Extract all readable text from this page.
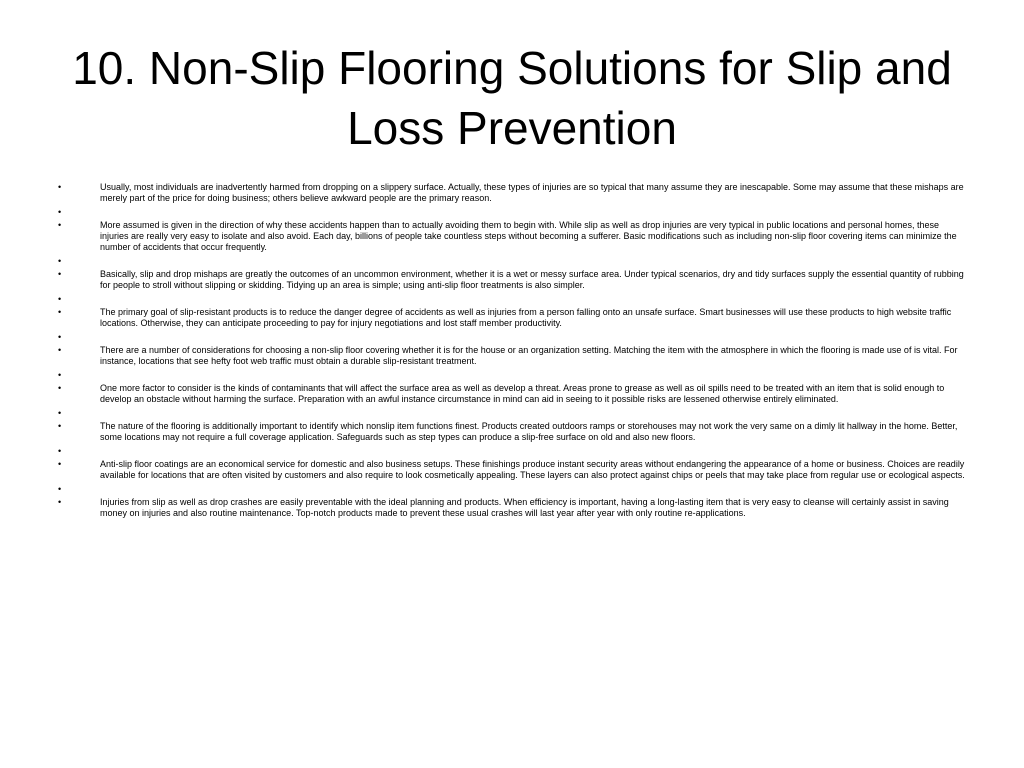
10. Non-Slip Flooring Solutions for Slip and Loss Prevention
•	Usually, most individuals are inadvertently harmed from dropping on a slippery surface. Actually, these types of injuries are so typical that many assume they are inescapable. Some may assume that these mishaps are merely part of the price for doing business; others believe awkward people are the primary reason.
•
•	More assumed is given in the direction of why these accidents happen than to actually avoiding them to begin with. While slip as well as drop injuries are very typical in public locations and personal homes, these injuries are really very easy to isolate and also avoid. Each day, billions of people take countless steps without becoming a sufferer. Basic modifications such as including non-slip floor covering items can minimize the number of accidents that occur frequently.
•
•	Basically, slip and drop mishaps are greatly the outcomes of an uncommon environment, whether it is a wet or messy surface area. Under typical scenarios, dry and tidy surfaces supply the essential quantity of rubbing for people to stroll without slipping or skidding. Tidying up an area is simple; using anti-slip floor treatments is also simpler.
•
•	The primary goal of slip-resistant products is to reduce the danger degree of accidents as well as injuries from a person falling onto an unsafe surface. Smart businesses will use these products to high website traffic locations. Otherwise, they can anticipate proceeding to pay for injury negotiations and lost staff member productivity.
•
•	There are a number of considerations for choosing a non-slip floor covering whether it is for the house or an organization setting. Matching the item with the atmosphere in which the flooring is made use of is vital. For instance, locations that see hefty foot web traffic must obtain a durable slip-resistant treatment.
•
•	One more factor to consider is the kinds of contaminants that will affect the surface area as well as develop a threat. Areas prone to grease as well as oil spills need to be treated with an item that is solid enough to develop an obstacle without harming the surface. Preparation with an awful instance circumstance in mind can aid in seeing to it possible risks are lessened otherwise entirely eliminated.
•
•	The nature of the flooring is additionally important to identify which nonslip item functions finest. Products created outdoors ramps or storehouses may not work the very same on a dimly lit hallway in the home. Better, some locations may not require a full coverage application. Safeguards such as step types can produce a slip-free surface on old and also new floors.
•
•	Anti-slip floor coatings are an economical service for domestic and also business setups. These finishings produce instant security areas without endangering the appearance of a home or business. Choices are readily available for locations that are often visited by customers and also require to look cosmetically appealing. These layers can also protect against chips or peels that may take place from regular use or ecological aspects.
•
•	Injuries from slip as well as drop crashes are easily preventable with the ideal planning and products. When efficiency is important, having a long-lasting item that is very easy to cleanse will certainly assist in saving money on injuries and also routine maintenance. Top-notch products made to prevent these usual crashes will last year after year with only routine re-applications.
